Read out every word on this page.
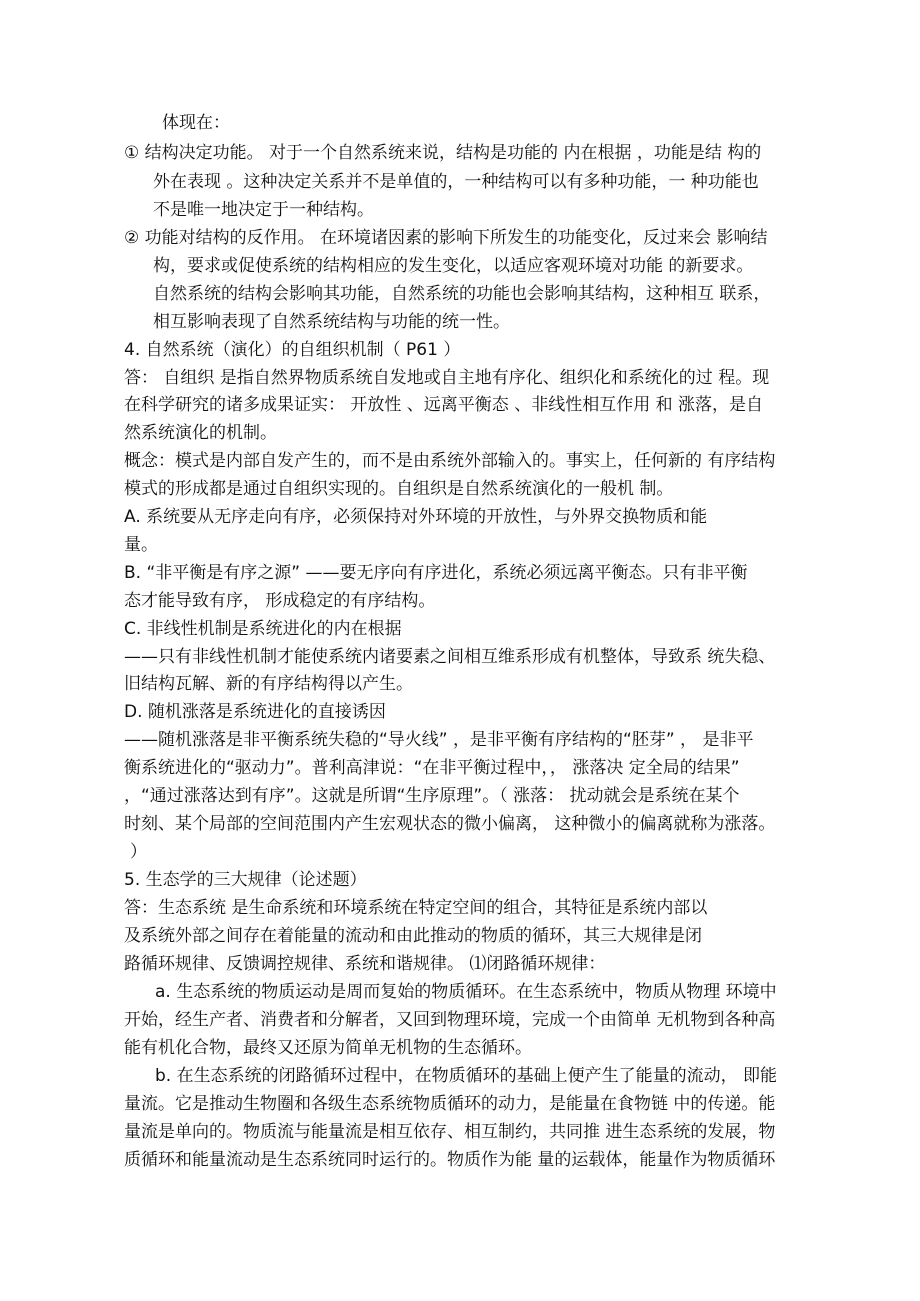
体现在：
① 结构决定功能。 对于一个自然系统来说，结构是功能的 内在根据 ，功能是结 构的
外在表现 。这种决定关系并不是单值的，一种结构可以有多种功能，一 种功能也
不是唯一地决定于一种结构。
② 功能对结构的反作用。 在环境诸因素的影响下所发生的功能变化，反过来会 影响结
构，要求或促使系统的结构相应的发生变化，以适应客观环境对功能 的新要求。
自然系统的结构会影响其功能，自然系统的功能也会影响其结构，这种相互 联系，
相互影响表现了自然系统结构与功能的统一性。
4. 自然系统（演化）的自组织机制（ P61 ）
答： 自组织 是指自然界物质系统自发地或自主地有序化、组织化和系统化的过 程。现
在科学研究的诸多成果证实： 开放性 、远离平衡态 、非线性相互作用 和 涨落，是自
然系统演化的机制。
概念：模式是内部自发产生的，而不是由系统外部输入的。事实上，任何新的 有序结构
模式的形成都是通过自组织实现的。自组织是自然系统演化的一般机 制。
A. 系统要从无序走向有序，必须保持对外环境的开放性，与外界交换物质和能
量。
B. “非平衡是有序之源” ——要无序向有序进化，系统必须远离平衡态。只有非平衡
态才能导致有序， 形成稳定的有序结构。
C. 非线性机制是系统进化的内在根据
——只有非线性机制才能使系统内诸要素之间相互维系形成有机整体，导致系 统失稳、
旧结构瓦解、新的有序结构得以产生。
D. 随机涨落是系统进化的直接诱因
——随机涨落是非平衡系统失稳的“导火线” ，是非平衡有序结构的“胚芽” ， 是非平
衡系统进化的“驱动力”。普利高津说：“在非平衡过程中，， 涨落决 定全局的结果”
，“通过涨落达到有序”。这就是所谓“生序原理”。（ 涨落： 扰动就会是系统在某个
时刻、某个局部的空间范围内产生宏观状态的微小偏离， 这种微小的偏离就称为涨落。
）
5. 生态学的三大规律（论述题）
答：生态系统 是生命系统和环境系统在特定空间的组合，其特征是系统内部以
及系统外部之间存在着能量的流动和由此推动的物质的循环，其三大规律是闭
路循环规律、反馈调控规律、系统和谐规律。 ⑴闭路循环规律：
a. 生态系统的物质运动是周而复始的物质循环。在生态系统中，物质从物理 环境中
开始，经生产者、消费者和分解者，又回到物理环境，完成一个由简单 无机物到各种高
能有机化合物，最终又还原为简单无机物的生态循环。
b. 在生态系统的闭路循环过程中，在物质循环的基础上便产生了能量的流动， 即能
量流。它是推动生物圈和各级生态系统物质循环的动力，是能量在食物链 中的传递。能
量流是单向的。物质流与能量流是相互依存、相互制约，共同推 进生态系统的发展，物
质循环和能量流动是生态系统同时运行的。物质作为能 量的运载体，能量作为物质循环
